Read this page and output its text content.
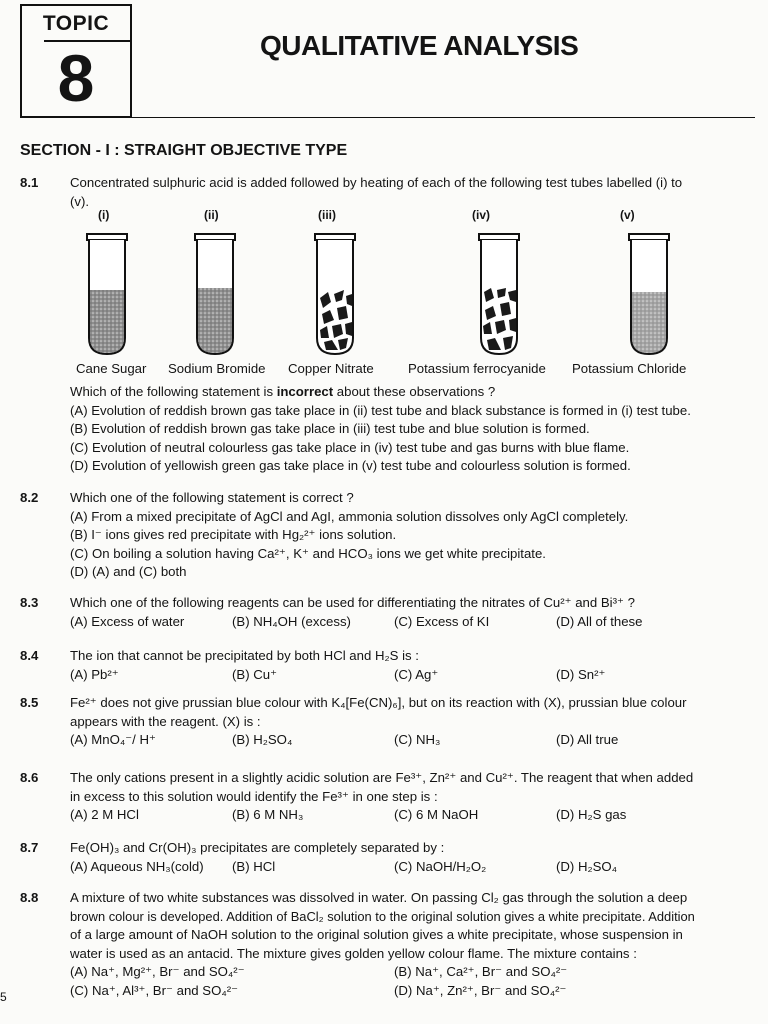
TOPIC
8	QUALITATIVE ANALYSIS
SECTION - I : STRAIGHT OBJECTIVE TYPE
8.1 Concentrated sulphuric acid is added followed by heating of each of the following test tubes labelled (i) to
(v).
(i)	(ii)	(iii)	(iv)	(v)
Cane Sugar Sodium Bromide Copper Nitrate	Potassium ferrocyanide Potassium Chloride
Which of the following statement is incorrect about these observations ?
(A) Evolution of reddish brown gas take place in (ii) test tube and black substance is formed in (i) test tube.
(B) Evolution of reddish brown gas take place in (iii) test tube and blue solution is formed.
(C) Evolution of neutral colourless gas take place in (iv) test tube and gas burns with blue flame.
(D) Evolution of yellowish green gas take place in (v) test tube and colourless solution is formed.
8.2 Which one of the following statement is correct ?
(A) From a mixed precipitate of AgCl and AgI, ammonia solution dissolves only AgCl completely.
(B) I⁻ ions gives red precipitate with Hg₂²⁺ ions solution.
(C) On boiling a solution having Ca²⁺, K⁺ and HCO₃ ions we get white precipitate.
(D) (A) and (C) both
8.3 Which one of the following reagents can be used for differentiating the nitrates of Cu²⁺ and Bi³⁺ ?
(A) Excess of water	(B) NH₄OH (excess)	(C) Excess of KI	(D) All of these
8.4 The ion that cannot be precipitated by both HCl and H₂S is :
(A) Pb²⁺	(B) Cu⁺	(C) Ag⁺	(D) Sn²⁺
8.5 Fe²⁺ does not give prussian blue colour with K₄[Fe(CN)₆], but on its reaction with (X), prussian blue colour
appears with the reagent. (X) is :
(A) MnO₄⁻/ H⁺	(B) H₂SO₄	(C) NH₃	(D) All true
8.6 The only cations present in a slightly acidic solution are Fe³⁺, Zn²⁺ and Cu²⁺. The reagent that when added
in excess to this solution would identify the Fe³⁺ in one step is :
(A) 2 M HCl	(B) 6 M NH₃	(C) 6 M NaOH	(D) H₂S gas
8.7 Fe(OH)₃ and Cr(OH)₃ precipitates are completely separated by :
(A) Aqueous NH₃(cold) (B) HCl	(C) NaOH/H₂O₂	(D) H₂SO₄
8.8 A mixture of two white substances was dissolved in water. On passing Cl₂ gas through the solution a deep
brown colour is developed. Addition of BaCl₂ solution to the original solution gives a white precipitate. Addition
of a large amount of NaOH solution to the original solution gives a white precipitate, whose suspension in
water is used as an antacid. The mixture gives golden yellow colour flame. The mixture contains :
(A) Na⁺, Mg²⁺, Br⁻ and SO₄²⁻	(B) Na⁺, Ca²⁺, Br⁻ and SO₄²⁻
(C) Na⁺, Al³⁺, Br⁻ and SO₄²⁻	(D) Na⁺, Zn²⁺, Br⁻ and SO₄²⁻
5
